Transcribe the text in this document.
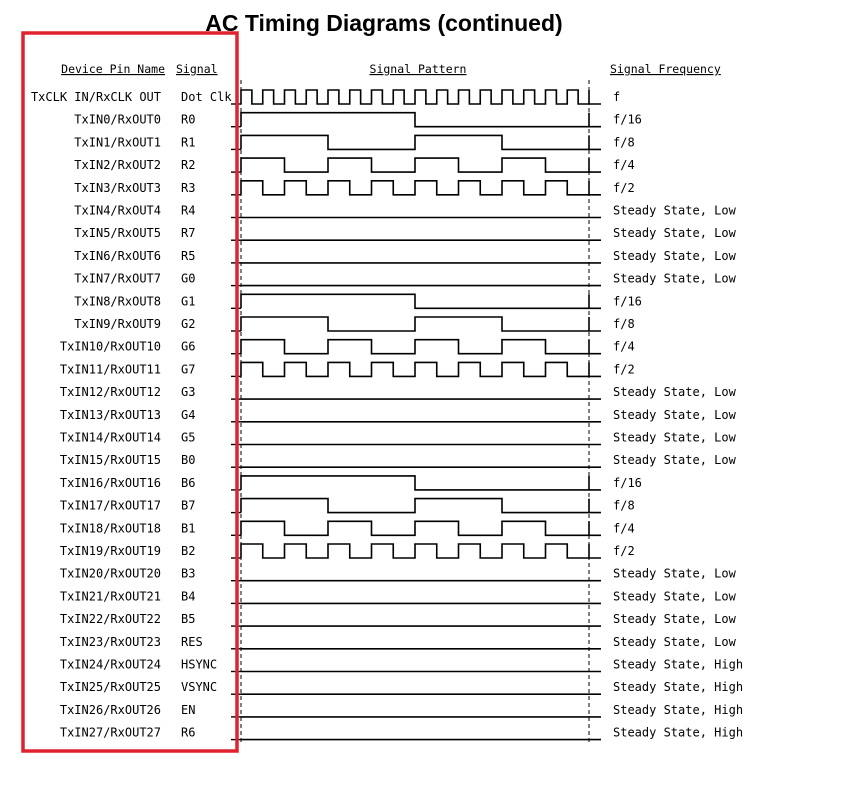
AC Timing Diagrams (continued)
Device Pin Name Signal	Signal Pattern	Signal Frequency
TxCLK IN/RxCLK OUT Dot Clk	f
TxIN0/RxOUT0 R0	f/16
TxIN1/RxOUT1 R1	f/8
TxIN2/RxOUT2 R2	f/4
TxIN3/RxOUT3 R3	f/2
TxIN4/RxOUT4 R4	Steady State, Low
TxIN5/RxOUT5 R7	Steady State, Low
TxIN6/RxOUT6 R5	Steady State, Low
TxIN7/RxOUT7 G0	Steady State, Low
TxIN8/RxOUT8 G1	f/16
TxIN9/RxOUT9 G2	f/8
TxIN10/RxOUT10 G6	f/4
TxIN11/RxOUT11 G7	f/2
TxIN12/RxOUT12 G3	Steady State, Low
TxIN13/RxOUT13 G4	Steady State, Low
TxIN14/RxOUT14 G5	Steady State, Low
TxIN15/RxOUT15 B0	Steady State, Low
TxIN16/RxOUT16 B6	f/16
TxIN17/RxOUT17 B7	f/8
TxIN18/RxOUT18 B1	f/4
TxIN19/RxOUT19 B2	f/2
TxIN20/RxOUT20 B3	Steady State, Low
TxIN21/RxOUT21 B4	Steady State, Low
TxIN22/RxOUT22 B5	Steady State, Low
TxIN23/RxOUT23 RES	Steady State, Low
TxIN24/RxOUT24 HSYNC	Steady State, High
TxIN25/RxOUT25 VSYNC	Steady State, High
TxIN26/RxOUT26 EN	Steady State, High
TxIN27/RxOUT27 R6	Steady State, High
